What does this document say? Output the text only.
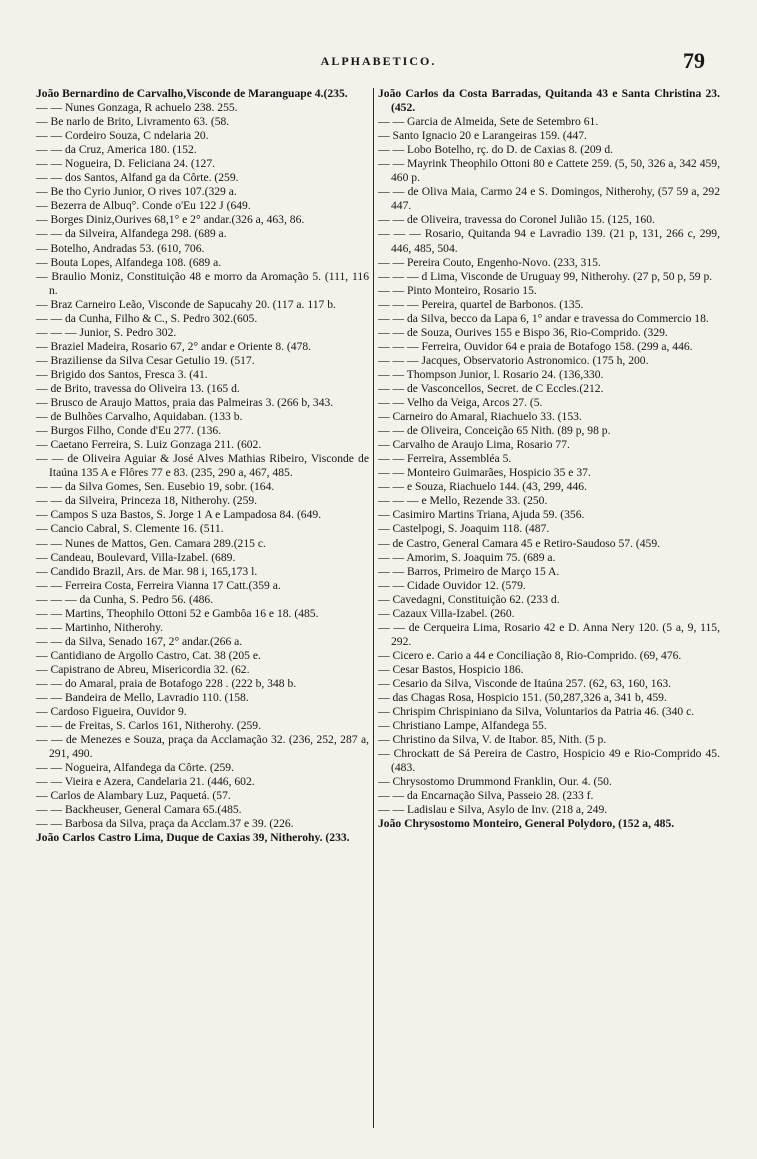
ALPHABETICO.	79

João Bernardino de Carvalho,Visconde de Maranguape 4.(235.

— — Nunes Gonzaga, R achuelo 238. 255.

— Be narlo de Brito, Livramento 63. (58.

— — Cordeiro Souza, C ndelaria 20.

— — da Cruz, America 180. (152.

— — Nogueira, D. Feliciana 24. (127.

— — dos Santos, Alfand ga da Côrte. (259.

— Be tho Cyrio Junior, O rives 107.(329 a.

— Bezerra de Albuq°. Conde o'Eu 122 J (649.

— Borges Diniz,Ourives 68,1° e 2° andar.(326 a, 463, 86.

— — da Silveira, Alfandega 298. (689 a.

— Botelho, Andradas 53. (610, 706.

— Bouta Lopes, Alfandega 108. (689 a.

— Braulio Moniz, Constituição 48 e morro da Aromação 5. (111, 116 n.

— Braz Carneiro Leão, Visconde de Sapucahy 20. (117 a. 117 b.

— — da Cunha, Filho & C., S. Pedro 302.(605.

— — — Junior, S. Pedro 302.

— Braziel Madeira, Rosario 67, 2° andar e Oriente 8. (478.

— Braziliense da Silva Cesar Getulio 19. (517.

— Brigido dos Santos, Fresca 3. (41.

— de Brito, travessa do Oliveira 13. (165 d.

— Brusco de Araujo Mattos, praia das Palmeiras 3. (266 b, 343.

— de Bulhões Carvalho, Aquidaban. (133 b.

— Burgos Filho, Conde d'Eu 277. (136.

— Caetano Ferreira, S. Luiz Gonzaga 211. (602.

— — de Oliveira Aguiar & José Alves Mathias Ribeiro, Visconde de Itaúna 135 A e Flôres 77 e 83. (235, 290 a, 467, 485.

— — da Silva Gomes, Sen. Eusebio 19, sobr. (164.

— — da Silveira, Princeza 18, Nitherohy. (259.

— Campos S uza Bastos, S. Jorge 1 A e Lampadosa 84. (649.

— Cancio Cabral, S. Clemente 16. (511.

— — Nunes de Mattos, Gen. Camara 289.(215 c.

— Candeau, Boulevard, Villa-Izabel. (689.

— Candido Brazil, Ars. de Mar. 98 i, 165,173 l.

— — Ferreira Costa, Ferreira Vianna 17 Catt.(359 a.

— — — da Cunha, S. Pedro 56. (486.

— — Martins, Theophilo Ottoni 52 e Gambôa 16 e 18. (485.

— — Martinho, Nitherohy.

— — da Silva, Senado 167, 2° andar.(266 a.

— Cantidiano de Argollo Castro, Cat. 38 (205 e.

— Capistrano de Abreu, Misericordia 32. (62.

— — do Amaral, praia de Botafogo 228 . (222 b, 348 b.

— — Bandeira de Mello, Lavradio 110. (158.

— Cardoso Figueira, Ouvidor 9.

— — de Freitas, S. Carlos 161, Nitherohy. (259.

— — de Menezes e Souza, praça da Acclamação 32. (236, 252, 287 a, 291, 490.

— — Nogueira, Alfandega da Côrte. (259.

— — Vieira e Azera, Candelaria 21. (446, 602.

— Carlos de Alambary Luz, Paquetá. (57.

— — Backheuser, General Camara 65.(485.

— — Barbosa da Silva, praça da Acclam.37 e 39. (226.

João Carlos Castro Lima, Duque de Caxias 39, Nitherohy. (233.

João Carlos da Costa Barradas, Quitanda 43 e Santa Christina 23. (452.

— — Garcia de Almeida, Sete de Setembro 61.

— Santo Ignacio 20 e Larangeiras 159. (447.

— — Lobo Botelho, rç. do D. de Caxias 8. (209 d.

— — Mayrink Theophilo Ottoni 80 e Cattete 259. (5, 50, 326 a, 342 459, 460 p.

— — de Oliva Maia, Carmo 24 e S. Domingos, Nitherohy, (57 59 a, 292 447.

— — de Oliveira, travessa do Coronel Julião 15. (125, 160.

— — — Rosario, Quitanda 94 e Lavradio 139. (21 p, 131, 266 c, 299, 446, 485, 504.

— — Pereira Couto, Engenho-Novo. (233, 315.

— — — d Lima, Visconde de Uruguay 99, Nitherohy. (27 p, 50 p, 59 p.

— — Pinto Monteiro, Rosario 15.

— — — Pereira, quartel de Barbonos. (135.

— — da Silva, becco da Lapa 6, 1° andar e travessa do Commercio 18.

— — de Souza, Ourives 155 e Bispo 36, Rio-Comprido. (329.

— — — Ferreira, Ouvidor 64 e praia de Botafogo 158. (299 a, 446.

— — — Jacques, Observatorio Astronomico. (175 h, 200.

— — Thompson Junior, l. Rosario 24. (136,330.

— — de Vasconcellos, Secret. de C Eccles.(212.

— — Velho da Veiga, Arcos 27. (5.

— Carneiro do Amaral, Riachuelo 33. (153.

— — de Oliveira, Conceição 65 Nith. (89 p, 98 p.

— Carvalho de Araujo Lima, Rosario 77.

— — Ferreira, Assembléa 5.

— — Monteiro Guimarães, Hospicio 35 e 37.

— — e Souza, Riachuelo 144. (43, 299, 446.

— — — e Mello, Rezende 33. (250.

— Casimiro Martins Triana, Ajuda 59. (356.

— Castelpogi, S. Joaquim 118. (487.

— de Castro, General Camara 45 e Retiro-Saudoso 57. (459.

— — Amorim, S. Joaquim 75. (689 a.

— — Barros, Primeiro de Março 15 A.

— — Cidade Ouvidor 12. (579.

— Cavedagni, Constituição 62. (233 d.

— Cazaux Villa-Izabel. (260.

— — de Cerqueira Lima, Rosario 42 e D. Anna Nery 120. (5 a, 9, 115, 292.

— Cicero e. Cario a 44 e Conciliação 8, Rio-Comprido. (69, 476.

— Cesar Bastos, Hospicio 186.

— Cesario da Silva, Visconde de Itaúna 257. (62, 63, 160, 163.

— das Chagas Rosa, Hospicio 151. (50,287,326 a, 341 b, 459.

— Chrispim Chrispiniano da Silva, Voluntarios da Patria 46. (340 c.

— Christiano Lampe, Alfandega 55.

— Christino da Silva, V. de Itabor. 85, Nith. (5 p.

— Chrockatt de Sá Pereira de Castro, Hospicio 49 e Rio-Comprido 45. (483.

— Chrysostomo Drummond Franklin, Our. 4. (50.

— — da Encarnação Silva, Passeio 28. (233 f.

— — Ladislau e Silva, Asylo de Inv. (218 a, 249.

João Chrysostomo Monteiro, General Polydoro, (152 a, 485.
